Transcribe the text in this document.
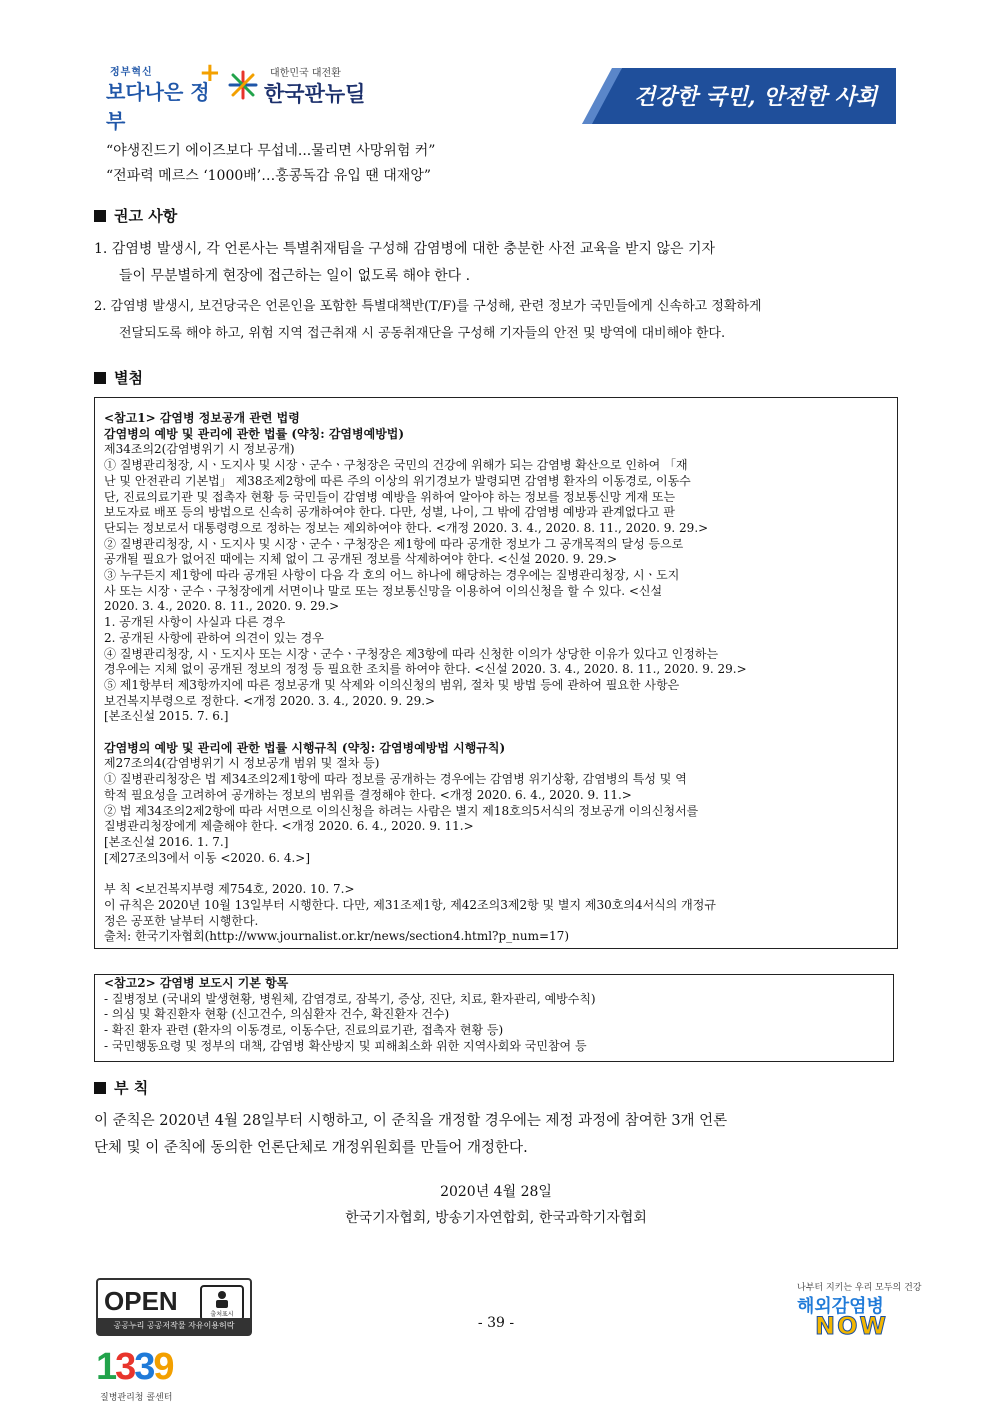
정부혁신
보다나은 정부
+	대한민국 대전환
한국판뉴딜	건강한 국민, 안전한 사회
“야생진드기 에이즈보다 무섭네...물리면 사망위험 커”
“전파력 메르스 ‘1000배’…홍콩독감 유입 땐 대재앙”
권고 사항
1. 감염병 발생시, 각 언론사는 특별취재팀을 구성해 감염병에 대한 충분한 사전 교육을 받지 않은 기자
들이 무분별하게 현장에 접근하는 일이 없도록 해야 한다 .
2. 감염병 발생시, 보건당국은 언론인을 포함한 특별대책반(T/F)를 구성해, 관련 정보가 국민들에게 신속하고 정확하게
전달되도록 해야 하고, 위험 지역 접근취재 시 공동취재단을 구성해 기자들의 안전 및 방역에 대비해야 한다.
별첨
<참고1> 감염병 정보공개 관련 법령
감염병의 예방 및 관리에 관한 법률 (약칭: 감염병예방법)
제34조의2(감염병위기 시 정보공개)
① 질병관리청장, 시ㆍ도지사 및 시장ㆍ군수ㆍ구청장은 국민의 건강에 위해가 되는 감염병 확산으로 인하여 「재
난 및 안전관리 기본법」 제38조제2항에 따른 주의 이상의 위기경보가 발령되면 감염병 환자의 이동경로, 이동수
단, 진료의료기관 및 접촉자 현황 등 국민들이 감염병 예방을 위하여 알아야 하는 정보를 정보통신망 게재 또는
보도자료 배포 등의 방법으로 신속히 공개하여야 한다. 다만, 성별, 나이, 그 밖에 감염병 예방과 관계없다고 판
단되는 정보로서 대통령령으로 정하는 정보는 제외하여야 한다. <개정 2020. 3. 4., 2020. 8. 11., 2020. 9. 29.>
② 질병관리청장, 시ㆍ도지사 및 시장ㆍ군수ㆍ구청장은 제1항에 따라 공개한 정보가 그 공개목적의 달성 등으로
공개될 필요가 없어진 때에는 지체 없이 그 공개된 정보를 삭제하여야 한다. <신설 2020. 9. 29.>
③ 누구든지 제1항에 따라 공개된 사항이 다음 각 호의 어느 하나에 해당하는 경우에는 질병관리청장, 시ㆍ도지
사 또는 시장ㆍ군수ㆍ구청장에게 서면이나 말로 또는 정보통신망을 이용하여 이의신청을 할 수 있다. <신설
2020. 3. 4., 2020. 8. 11., 2020. 9. 29.>
1. 공개된 사항이 사실과 다른 경우
2. 공개된 사항에 관하여 의견이 있는 경우
④ 질병관리청장, 시ㆍ도지사 또는 시장ㆍ군수ㆍ구청장은 제3항에 따라 신청한 이의가 상당한 이유가 있다고 인정하는
경우에는 지체 없이 공개된 정보의 정정 등 필요한 조치를 하여야 한다. <신설 2020. 3. 4., 2020. 8. 11., 2020. 9. 29.>
⑤ 제1항부터 제3항까지에 따른 정보공개 및 삭제와 이의신청의 범위, 절차 및 방법 등에 관하여 필요한 사항은
보건복지부령으로 정한다. <개정 2020. 3. 4., 2020. 9. 29.>
[본조신설 2015. 7. 6.]

감염병의 예방 및 관리에 관한 법률 시행규칙 (약칭: 감염병예방법 시행규칙)
제27조의4(감염병위기 시 정보공개 범위 및 절차 등)
① 질병관리청장은 법 제34조의2제1항에 따라 정보를 공개하는 경우에는 감염병 위기상황, 감염병의 특성 및 역
학적 필요성을 고려하여 공개하는 정보의 범위를 결정해야 한다. <개정 2020. 6. 4., 2020. 9. 11.>
② 법 제34조의2제2항에 따라 서면으로 이의신청을 하려는 사람은 별지 제18호의5서식의 정보공개 이의신청서를
질병관리청장에게 제출해야 한다. <개정 2020. 6. 4., 2020. 9. 11.>
[본조신설 2016. 1. 7.]
[제27조의3에서 이동 <2020. 6. 4.>]

부 칙 <보건복지부령 제754호, 2020. 10. 7.>
이 규칙은 2020년 10월 13일부터 시행한다. 다만, 제31조제1항, 제42조의3제2항 및 별지 제30호의4서식의 개정규
정은 공포한 날부터 시행한다.
출처: 한국기자협회(http://www.journalist.or.kr/news/section4.html?p_num=17)
<참고2> 감염병 보도시 기본 항목
- 질병정보 (국내외 발생현황, 병원체, 감염경로, 잠복기, 증상, 진단, 치료, 환자관리, 예방수칙)
- 의심 및 확진환자 현황 (신고건수, 의심환자 건수, 확진환자 건수)
- 확진 환자 관련 (환자의 이동경로, 이동수단, 진료의료기관, 접촉자 현황 등)
- 국민행동요령 및 정부의 대책, 감염병 확산방지 및 피해최소화 위한 지역사회와 국민참여 등
부 칙
이 준칙은 2020년 4월 28일부터 시행하고, 이 준칙을 개정할 경우에는 제정 과정에 참여한 3개 언론
단체 및 이 준칙에 동의한 언론단체로 개정위원회를 만들어 개정한다.
2020년 4월 28일
한국기자협회, 방송기자연합회, 한국과학기자협회
OPEN	출처표시
공공누리 공공저작물 자유이용허락
1339
질병관리청 콜센터
- 39 -
나부터 지키는 우리 모두의 건강
해외감염병
NOW
